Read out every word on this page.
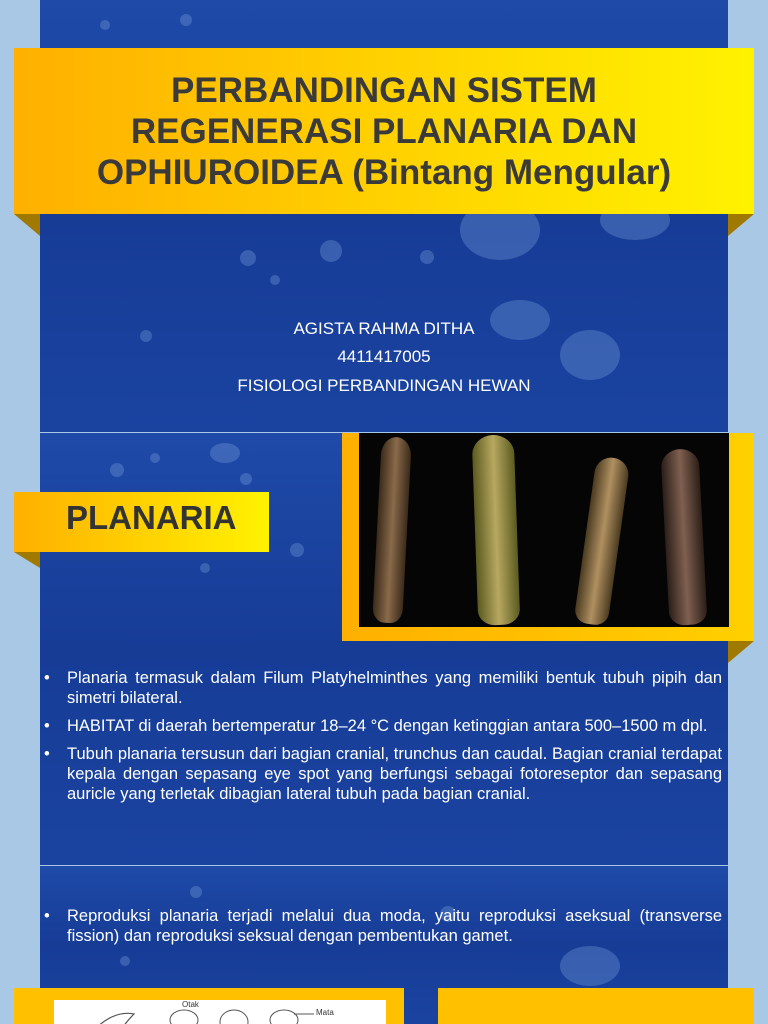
PERBANDINGAN SISTEM
REGENERASI PLANARIA DAN
OPHIUROIDEA (Bintang Mengular)
AGISTA RAHMA DITHA
4411417005
FISIOLOGI PERBANDINGAN HEWAN
PLANARIA
• Planaria termasuk dalam Filum Platyhelminthes yang memiliki bentuk tubuh pipih dan simetri bilateral.
• HABITAT di daerah bertemperatur 18–24 °C dengan ketinggian antara 500–1500 m dpl.
• Tubuh planaria tersusun dari bagian cranial, trunchus dan caudal. Bagian cranial terdapat kepala dengan sepasang eye spot yang berfungsi sebagai fotoreseptor dan sepasang auricle yang terletak dibagian lateral tubuh pada bagian cranial.
• Reproduksi planaria terjadi melalui dua moda, yaitu reproduksi aseksual (transverse fission) dan reproduksi seksual dengan pembentukan gamet.
Otak
Mata
